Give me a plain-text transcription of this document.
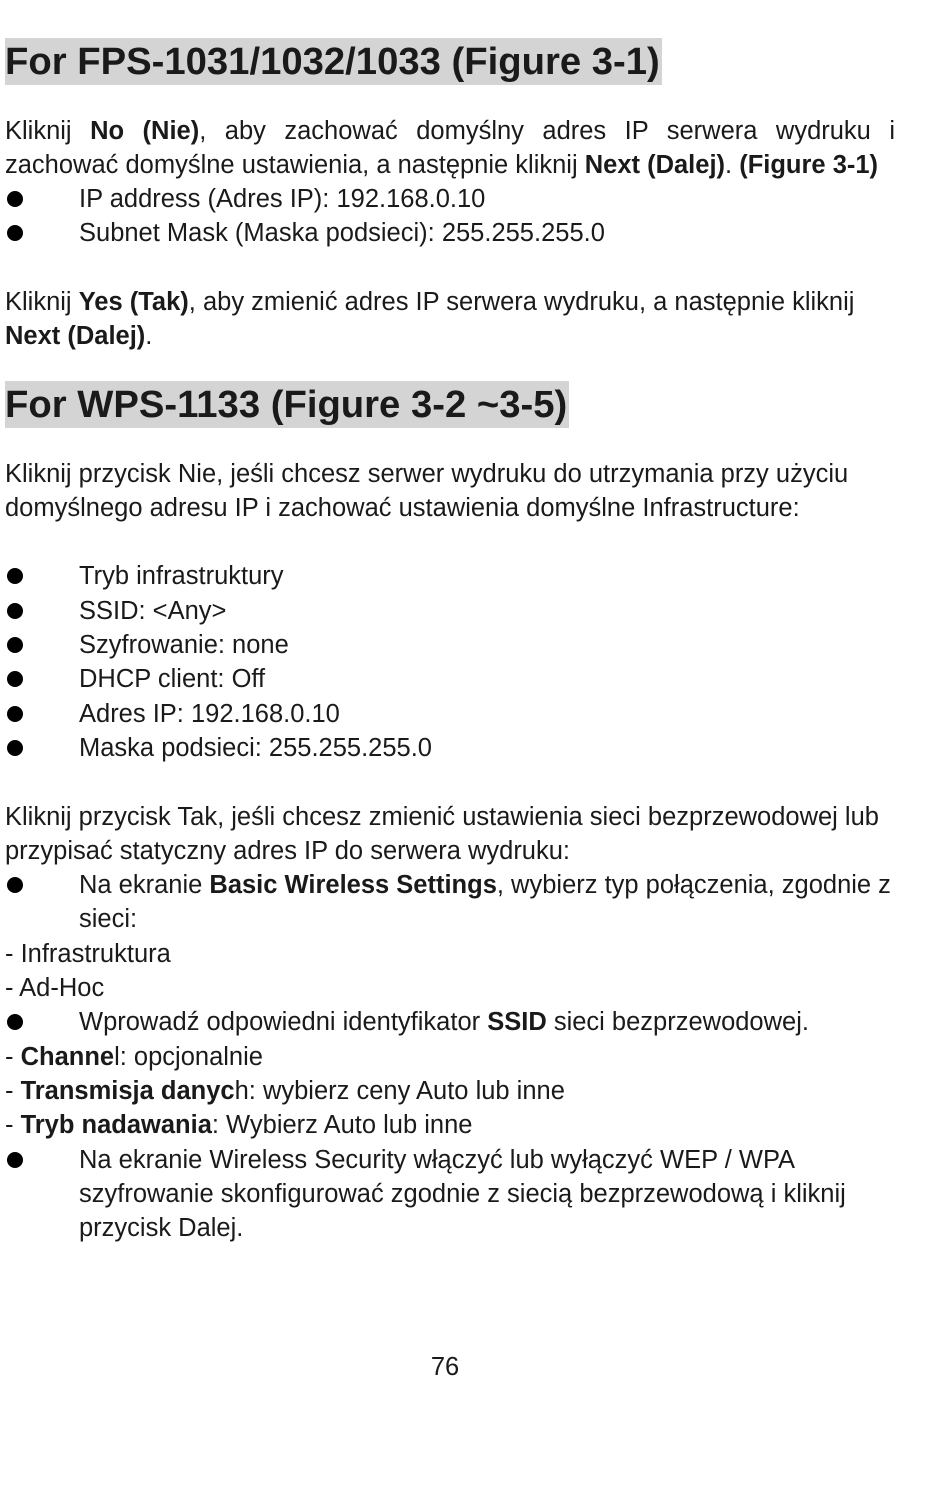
For FPS-1031/1032/1033 (Figure 3-1)

Kliknij No (Nie), aby zachować domyślny adres IP serwera wydruku i zachować domyślne ustawienia, a następnie kliknij Next (Dalej). (Figure 3-1)

IP address (Adres IP): 192.168.0.10
Subnet Mask (Maska podsieci): 255.255.255.0

Kliknij Yes (Tak), aby zmienić adres IP serwera wydruku, a następnie kliknij Next (Dalej).

For WPS-1133 (Figure 3-2 ~3-5)

Kliknij przycisk Nie, jeśli chcesz serwer wydruku do utrzymania przy użyciu domyślnego adresu IP i zachować ustawienia domyślne Infrastructure:

Tryb infrastruktury
SSID: <Any>
Szyfrowanie: none
DHCP client: Off
Adres IP: 192.168.0.10
Maska podsieci: 255.255.255.0

Kliknij przycisk Tak, jeśli chcesz zmienić ustawienia sieci bezprzewodowej lub przypisać statyczny adres IP do serwera wydruku:

Na ekranie Basic Wireless Settings, wybierz typ połączenia, zgodnie z sieci:

- Infrastruktura

- Ad-Hoc

Wprowadź odpowiedni identyfikator SSID sieci bezprzewodowej.

- Channel: opcjonalnie

- Transmisja danych: wybierz ceny Auto lub inne

- Tryb nadawania: Wybierz Auto lub inne

Na ekranie Wireless Security włączyć lub wyłączyć WEP / WPA szyfrowanie skonfigurować zgodnie z siecią bezprzewodową i kliknij przycisk Dalej.
76
